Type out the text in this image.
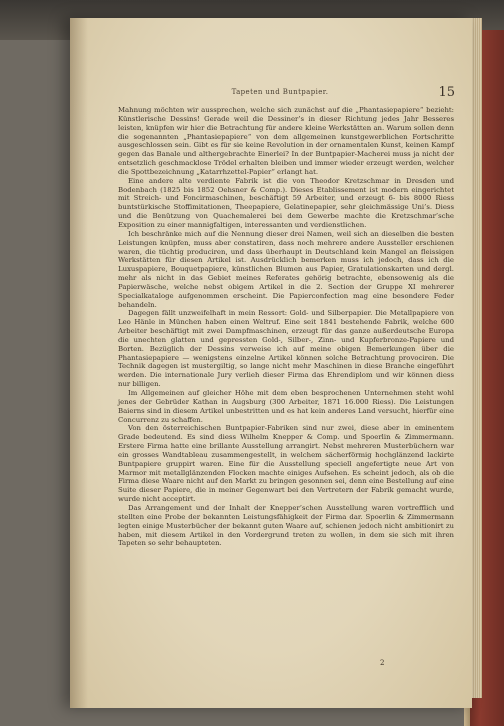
Tapeten und Buntpapier.	15

Mahnung möchten wir aussprechen, welche sich zunächst auf die „Phantasiepapiere“ bezieht: Künstlerische Dessins! Gerade weil die Dessiner’s in dieser Richtung jedes Jahr Besseres leisten, knüpfen wir hier die Betrachtung für andere kleine Werkstätten an. Warum sollen denn die sogenannten „Phantasiepapiere“ von dem allgemeinen kunstgewerblichen Fortschritte ausgeschlossen sein. Gibt es für sie keine Revolution in der ornamentalen Kunst, keinen Kampf gegen das Banale und althergebrachte Einerlei? In der Buntpapier-Macherei muss ja nicht der entsetzlich geschmacklose Trödel erhalten bleiben und immer wieder erzeugt werden, welcher die Spottbezeichnung „Katarrhzettel-Papier“ erlangt hat.

Eine andere alte verdiente Fabrik ist die von Theodor Kretzschmar in Dresden und Bodenbach (1825 bis 1852 Oehsner & Comp.). Dieses Etablissement ist modern eingerichtet mit Streich- und Foncirmaschinen, beschäftigt 59 Arbeiter, und erzeugt 6- bis 8000 Riess buntstürkische Stoffimitationen, Theepapiere, Gelatinepapier, sehr gleichmässige Uni’s. Diess und die Benützung von Quachemalerei bei dem Gewerbe machte die Kretzschmar’sche Exposition zu einer mannigfaltigen, interessanten und verdienstlichen.

Ich beschränke mich auf die Nennung dieser drei Namen, weil sich an dieselben die besten Leistungen knüpfen, muss aber constatiren, dass noch mehrere andere Aussteller erschienen waren, die tüchtig produciren, und dass überhaupt in Deutschland kein Mangel an fleissigen Werkstätten für diesen Artikel ist. Ausdrücklich bemerken muss ich jedoch, dass ich die Luxuspapiere, Bouquetpapiere, künstlichen Blumen aus Papier, Gratulationskarten und dergl. mehr als nicht in das Gebiet meines Referates gehörig betrachte, ebensowenig als die Papierwäsche, welche nebst obigem Artikel in die 2. Section der Gruppe XI mehrerer Specialkataloge aufgenommen erscheint. Die Papierconfection mag eine besondere Feder behandeln.

Dagegen fällt unzweifelhaft in mein Ressort: Gold- und Silberpapier. Die Metallpapiere von Leo Hänle in München haben einen Weltruf. Eine seit 1841 bestehende Fabrik, welche 600 Arbeiter beschäftigt mit zwei Dampfmaschinen, erzeugt für das ganze außerdeutsche Europa die unechten glatten und gepressten Gold-, Silber-, Zinn- und Kupferbronze-Papiere und Borten. Bezüglich der Dessins verweise ich auf meine obigen Bemerkungen über die Phantasiepapiere — wenigstens einzelne Artikel können solche Betrachtung provociren. Die Technik dagegen ist mustergiltig, so lange nicht mehr Maschinen in diese Branche eingeführt werden. Die internationale Jury verlieh dieser Firma das Ehrendiplom und wir können diess nur billigen.

Im Allgemeinen auf gleicher Höhe mit dem eben besprochenen Unternehmen steht wohl jenes der Gebrüder Kathan in Augsburg (300 Arbeiter, 1871 16.000 Riess). Die Leistungen Baierns sind in diesem Artikel unbestritten und es hat kein anderes Land versucht, hierfür eine Concurrenz zu schaffen.

Von den österreichischen Buntpapier-Fabriken sind nur zwei, diese aber in eminentem Grade bedeutend. Es sind diess Wilhelm Knepper & Comp. und Spoerlin & Zimmermann. Erstere Firma hatte eine brillante Ausstellung arrangirt. Nebst mehreren Musterbüchern war ein grosses Wandtableau zusammengestellt, in welchem sächerförmig hochglänzend lackirte Buntpapiere gruppirt waren. Eine für die Ausstellung speciell angefertigte neue Art von Marmor mit metallglänzenden Flocken machte einiges Aufsehen. Es scheint jedoch, als ob die Firma diese Waare nicht auf den Markt zu bringen gesonnen sei, denn eine Bestellung auf eine Suite dieser Papiere, die in meiner Gegenwart bei den Vertretern der Fabrik gemacht wurde, wurde nicht acceptirt.

Das Arrangement und der Inhalt der Knepper’schen Ausstellung waren vortrefflich und stellten eine Probe der bekannten Leistungsfähigkeit der Firma dar. Spoerlin & Zimmermann legten einige Musterbücher der bekannt guten Waare auf, schienen jedoch nicht ambitionirt zu haben, mit diesem Artikel in den Vordergrund treten zu wollen, in dem sie sich mit ihren Tapeten so sehr behaupteten.

2
